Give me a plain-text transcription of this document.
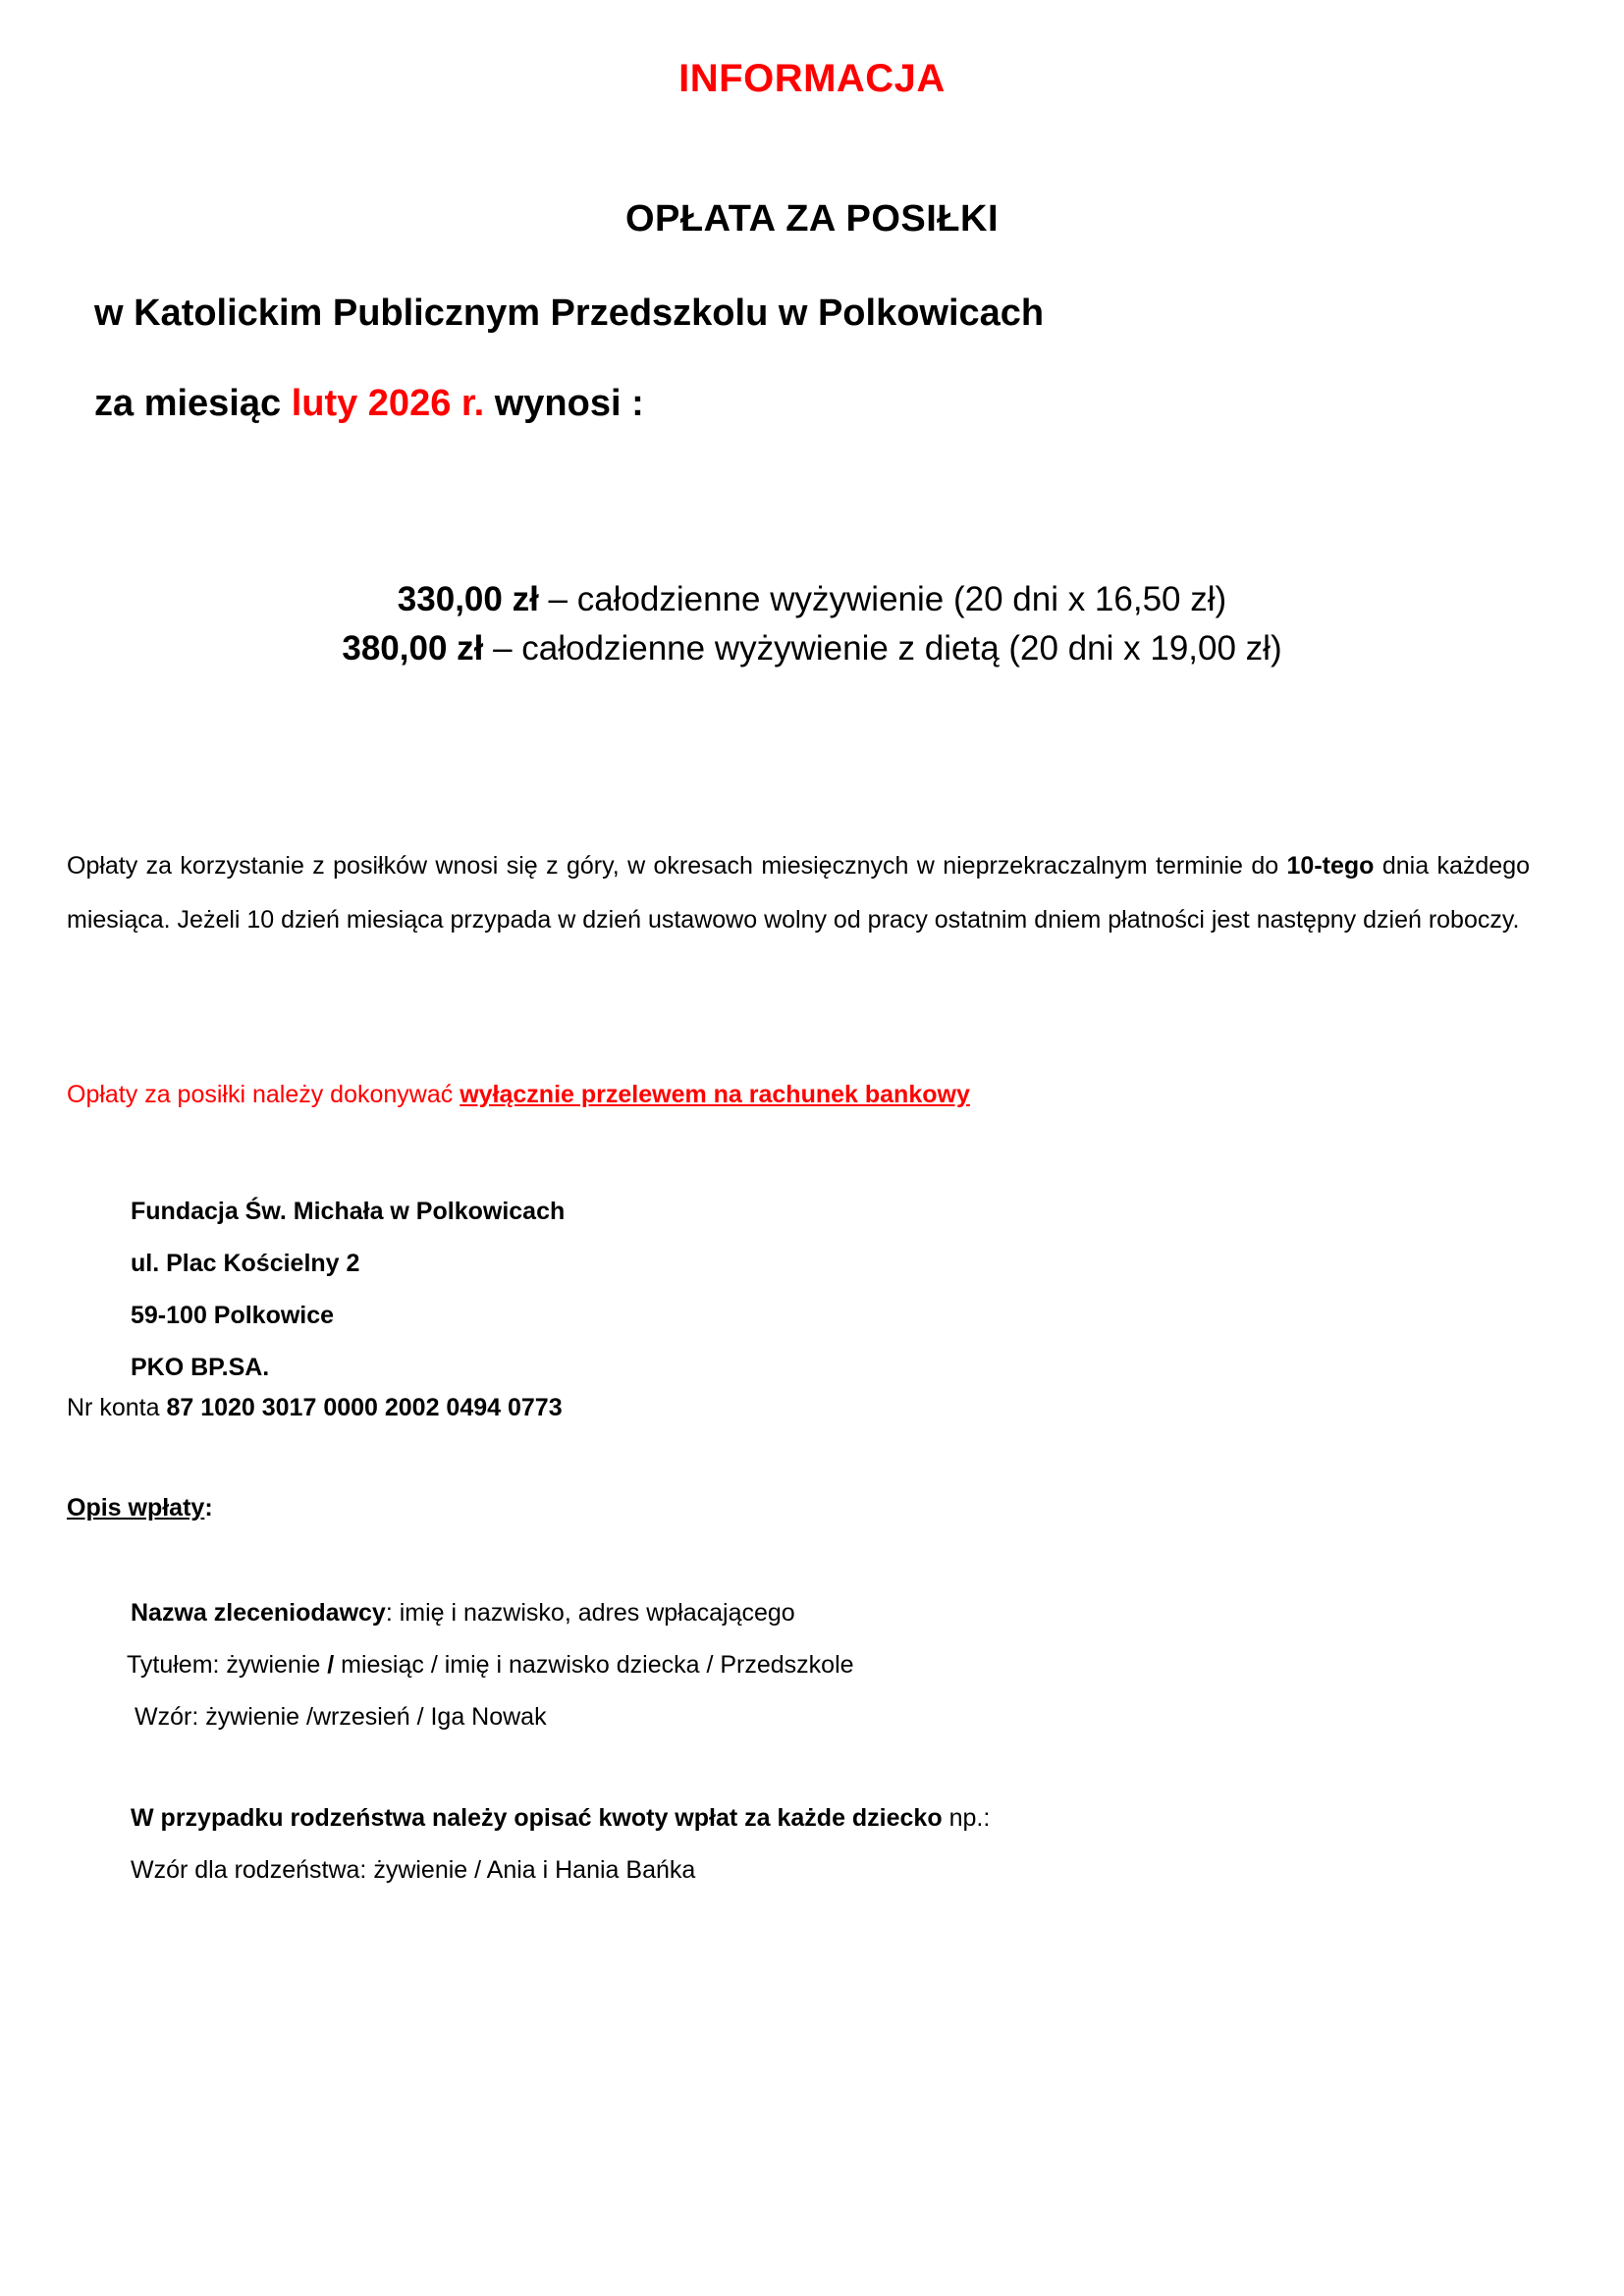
INFORMACJA
OPŁATA ZA POSIŁKI
w Katolickim Publicznym Przedszkolu w Polkowicach
za miesiąc luty 2026 r. wynosi :
330,00 zł – całodzienne wyżywienie (20 dni x 16,50 zł)
380,00 zł – całodzienne wyżywienie z dietą (20 dni x 19,00 zł)
Opłaty za korzystanie z posiłków wnosi się z góry, w okresach miesięcznych w nieprzekraczalnym terminie do 10-tego dnia każdego miesiąca. Jeżeli 10 dzień miesiąca przypada w dzień ustawowo wolny od pracy ostatnim dniem płatności jest następny dzień roboczy.
Opłaty za posiłki należy dokonywać wyłącznie przelewem na rachunek bankowy
Fundacja Św. Michała w Polkowicach
ul. Plac Kościelny 2
59-100 Polkowice
PKO BP.SA.
Nr konta 87 1020 3017 0000 2002 0494 0773
Opis wpłaty:
Nazwa zleceniodawcy: imię i nazwisko, adres wpłacającego
Tytułem: żywienie / miesiąc / imię i nazwisko dziecka / Przedszkole
Wzór: żywienie /wrzesień / Iga Nowak
W przypadku rodzeństwa należy opisać kwoty wpłat za każde dziecko np.:
Wzór dla rodzeństwa: żywienie / Ania i Hania Bańka
